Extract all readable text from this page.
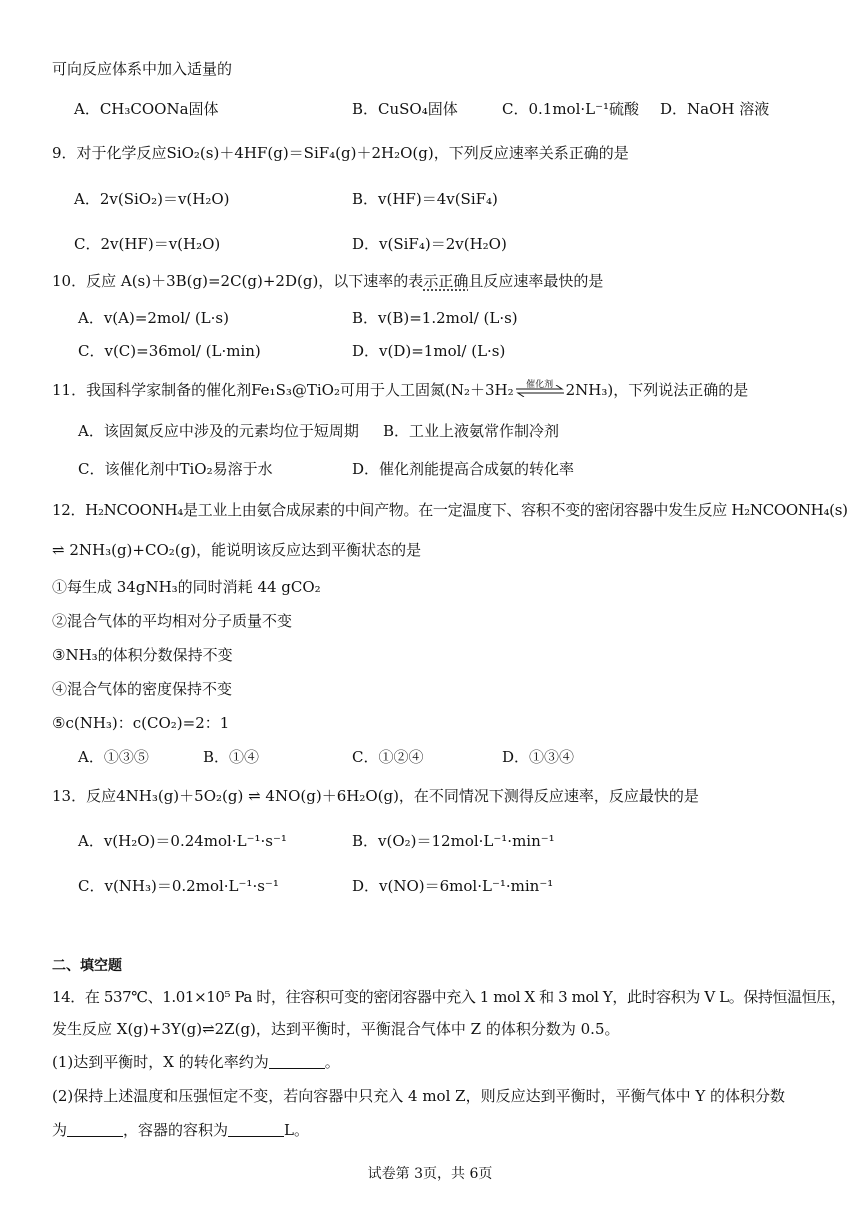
可向反应体系中加入适量的
A．CH₃COONa固体	B．CuSO₄固体	C．0.1mol·L⁻¹硫酸 D．NaOH 溶液
9．对于化学反应SiO₂(s)＋4HF(g)＝SiF₄(g)＋2H₂O(g)，下列反应速率关系正确的是
A．2v(SiO₂)＝v(H₂O)	B．v(HF)＝4v(SiF₄)
C．2v(HF)＝v(H₂O)	D．v(SiF₄)＝2v(H₂O)
10．反应 A(s)＋3B(g)=2C(g)+2D(g)，以下速率的表示正确且反应速率最快的是
A．v(A)=2mol/ (L·s)	B．v(B)=1.2mol/ (L·s)
C．v(C)=36mol/ (L·min)	D．v(D)=1mol/ (L·s)
11．我国科学家制备的催化剂Fe₁S₃@TiO₂可用于人工固氮(N₂＋3H₂	催化剂 2NH₃)，下列说法正确的是
A．该固氮反应中涉及的元素均位于短周期 B．工业上液氨常作制冷剂
C．该催化剂中TiO₂易溶于水	D．催化剂能提高合成氨的转化率
12．H₂NCOONH₄是工业上由氨合成尿素的中间产物。在一定温度下、容积不变的密闭容器中发生反应 H₂NCOONH₄(s)
⇌ 2NH₃(g)+CO₂(g)，能说明该反应达到平衡状态的是
①每生成 34gNH₃的同时消耗 44 gCO₂
②混合气体的平均相对分子质量不变
③NH₃的体积分数保持不变
④混合气体的密度保持不变
⑤c(NH₃)：c(CO₂)=2：1
A．①③⑤	B．①④	C．①②④	D．①③④
13．反应4NH₃(g)＋5O₂(g) ⇌ 4NO(g)＋6H₂O(g)，在不同情况下测得反应速率，反应最快的是
A．v(H₂O)＝0.24mol·L⁻¹·s⁻¹	B．v(O₂)＝12mol·L⁻¹·min⁻¹
C．v(NH₃)＝0.2mol·L⁻¹·s⁻¹	D．v(NO)＝6mol·L⁻¹·min⁻¹
二、填空题
14．在 537℃、1.01×10⁵ Pa 时，往容积可变的密闭容器中充入 1 mol X 和 3 mol Y，此时容积为 V L。保持恒温恒压，
发生反应 X(g)+3Y(g)⇌2Z(g)，达到平衡时，平衡混合气体中 Z 的体积分数为 0.5。
(1)达到平衡时，X 的转化率约为	。
(2)保持上述温度和压强恒定不变，若向容器中只充入 4 mol Z，则反应达到平衡时，平衡气体中 Y 的体积分数
为	，容器的容积为	L。
试卷第 3页，共 6页
